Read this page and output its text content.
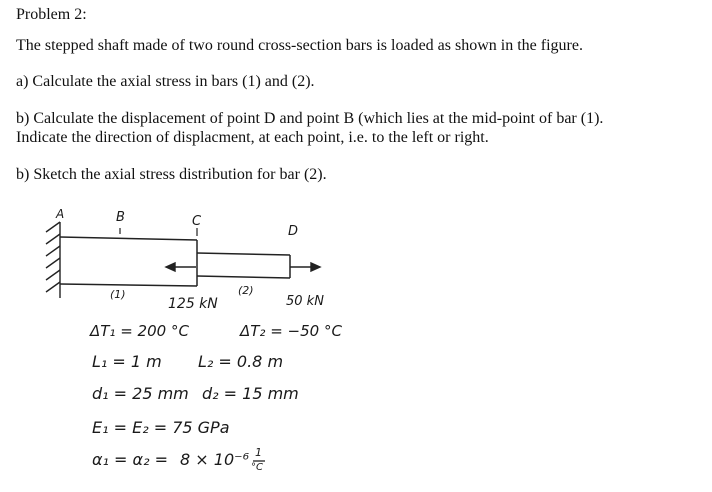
Problem 2:
The stepped shaft made of two round cross-section bars is loaded as shown in the figure.
a) Calculate the axial stress in bars (1) and (2).
b) Calculate the displacement of point D and point B (which lies at the mid-point of bar (1).
Indicate the direction of displacment, at each point, i.e. to the left or right.
b) Sketch the axial stress distribution for bar (2).
A	B	C
D
(1)	(2)
125 kN	50 kN
ΔT₁ = 200 °C	ΔT₂ = −50 °C
L₁ = 1 m L₂ = 0.8 m
d₁ = 25 mm d₂ = 15 mm
E₁ = E₂ = 75 GPa
α₁ = α₂ = 8 × 10⁻⁶ 1
°C
